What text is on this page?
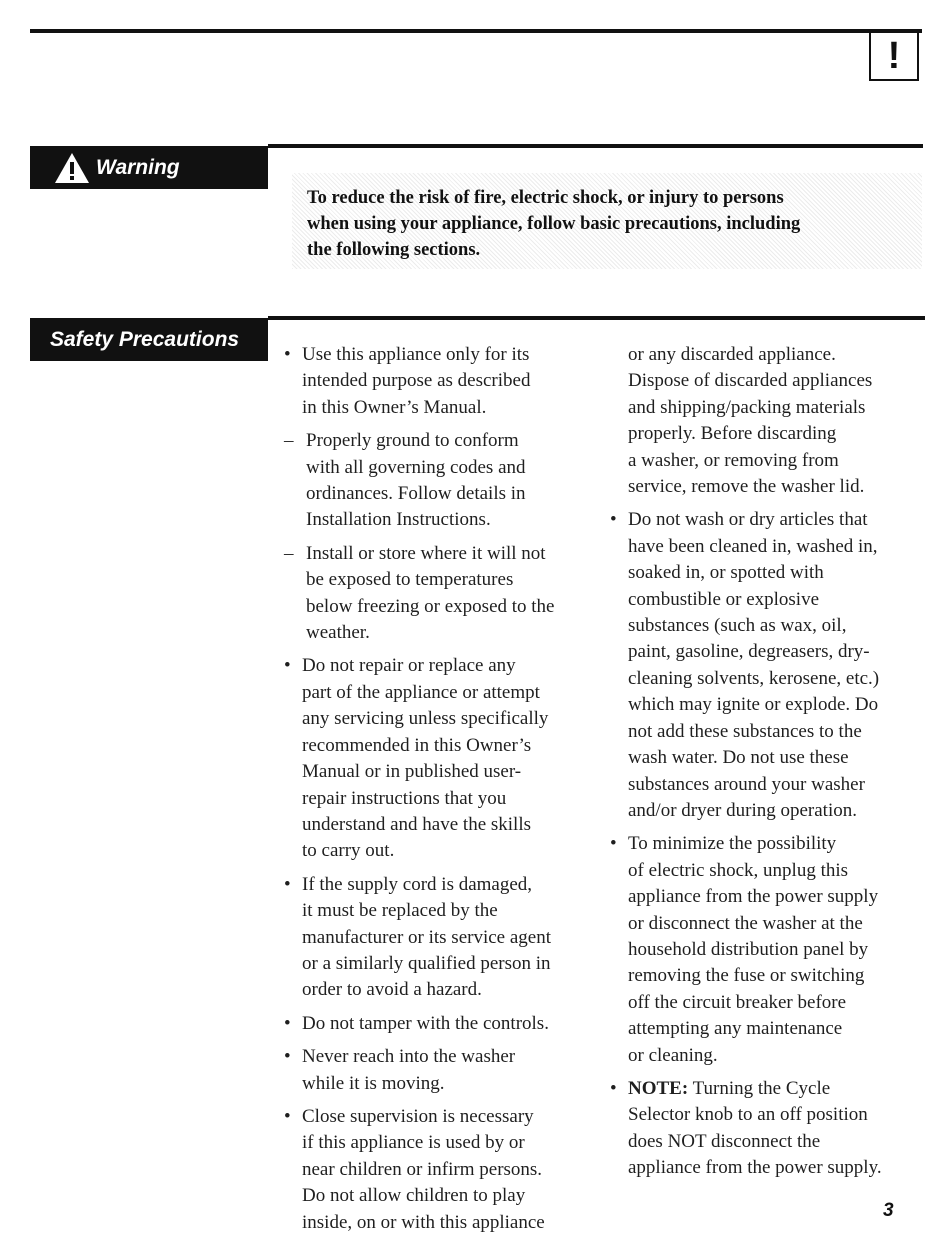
!
Warning

To reduce the risk of fire, electric shock, or injury to persons
when using your appliance, follow basic precautions, including
the following sections.

Safety Precautions
• Use this appliance only for its
intended purpose as described
in this Owner’s Manual.
– Properly ground to conform
with all governing codes and
ordinances. Follow details in
Installation Instructions.
– Install or store where it will not
be exposed to temperatures
below freezing or exposed to the
weather.
• Do not repair or replace any
part of the appliance or attempt
any servicing unless specifically
recommended in this Owner’s
Manual or in published user-
repair instructions that you
understand and have the skills
to carry out.
• If the supply cord is damaged,
it must be replaced by the
manufacturer or its service agent
or a similarly qualified person in
order to avoid a hazard.
• Do not tamper with the controls.
• Never reach into the washer
while it is moving.
• Close supervision is necessary
if this appliance is used by or
near children or infirm persons.
Do not allow children to play
inside, on or with this appliance
or any discarded appliance.
Dispose of discarded appliances
and shipping/packing materials
properly. Before discarding
a washer, or removing from
service, remove the washer lid.
• Do not wash or dry articles that
have been cleaned in, washed in,
soaked in, or spotted with
combustible or explosive
substances (such as wax, oil,
paint, gasoline, degreasers, dry-
cleaning solvents, kerosene, etc.)
which may ignite or explode. Do
not add these substances to the
wash water. Do not use these
substances around your washer
and/or dryer during operation.
• To minimize the possibility
of electric shock, unplug this
appliance from the power supply
or disconnect the washer at the
household distribution panel by
removing the fuse or switching
off the circuit breaker before
attempting any maintenance
or cleaning.
• NOTE: Turning the Cycle
Selector knob to an off position
does NOT disconnect the
appliance from the power supply.
3
